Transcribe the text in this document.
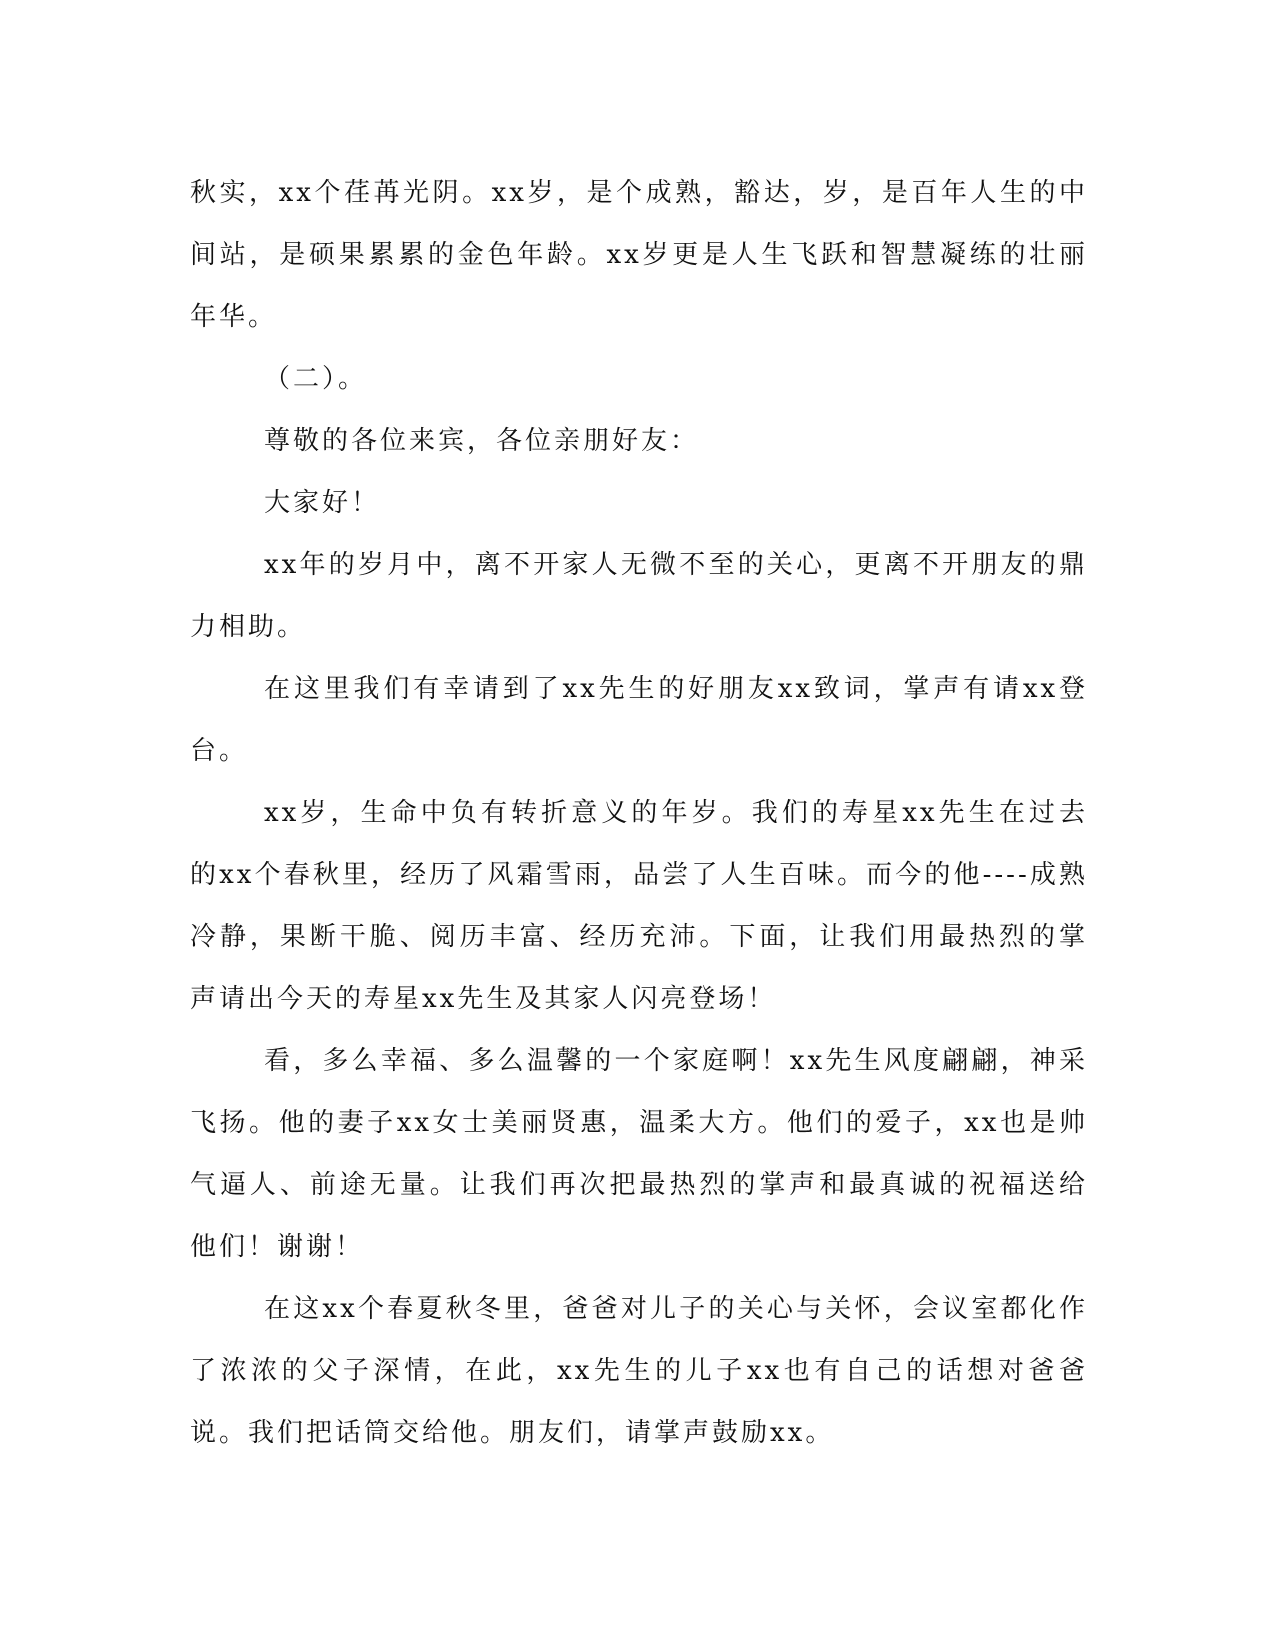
秋实，xx个荏苒光阴。xx岁，是个成熟，豁达，岁，是百年人生的中间站，是硕果累累的金色年龄。xx岁更是人生飞跃和智慧凝练的壮丽年华。

（二）。

尊敬的各位来宾，各位亲朋好友：

大家好！

xx年的岁月中，离不开家人无微不至的关心，更离不开朋友的鼎力相助。

在这里我们有幸请到了xx先生的好朋友xx致词，掌声有请xx登台。

xx岁，生命中负有转折意义的年岁。我们的寿星xx先生在过去的xx个春秋里，经历了风霜雪雨，品尝了人生百味。而今的他----成熟冷静，果断干脆、阅历丰富、经历充沛。下面，让我们用最热烈的掌声请出今天的寿星xx先生及其家人闪亮登场！

看，多么幸福、多么温馨的一个家庭啊！xx先生风度翩翩，神采飞扬。他的妻子xx女士美丽贤惠，温柔大方。他们的爱子，xx也是帅气逼人、前途无量。让我们再次把最热烈的掌声和最真诚的祝福送给他们！谢谢！

在这xx个春夏秋冬里，爸爸对儿子的关心与关怀，会议室都化作了浓浓的父子深情，在此，xx先生的儿子xx也有自己的话想对爸爸说。我们把话筒交给他。朋友们，请掌声鼓励xx。
